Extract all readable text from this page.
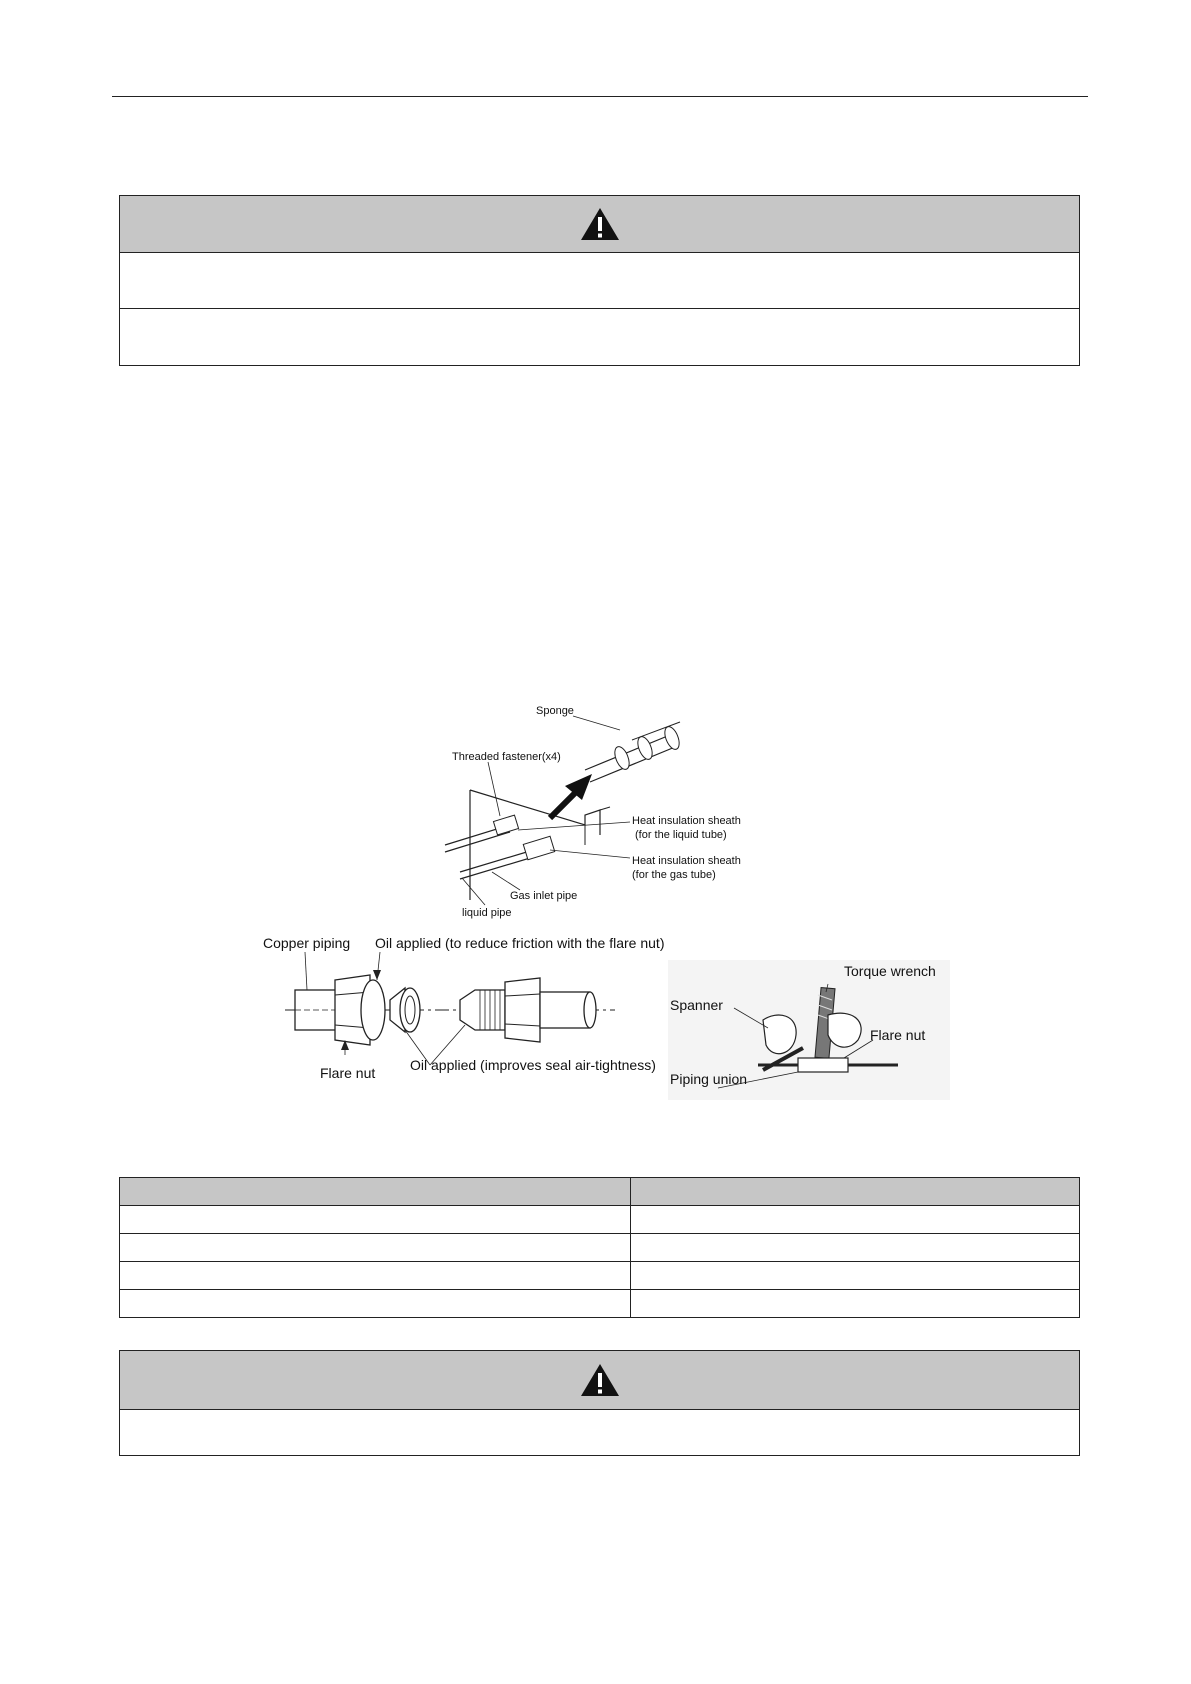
Sponge
Threaded fastener(x4)
Heat insulation sheath
(for the liquid tube)
Heat insulation sheath
(for the gas tube)
Gas inlet pipe
liquid pipe
Copper piping Oil applied (to reduce friction with the flare nut)
Flare nut Oil applied (improves seal air-tightness)
Torque wrench
Spanner
Flare nut
Piping union
